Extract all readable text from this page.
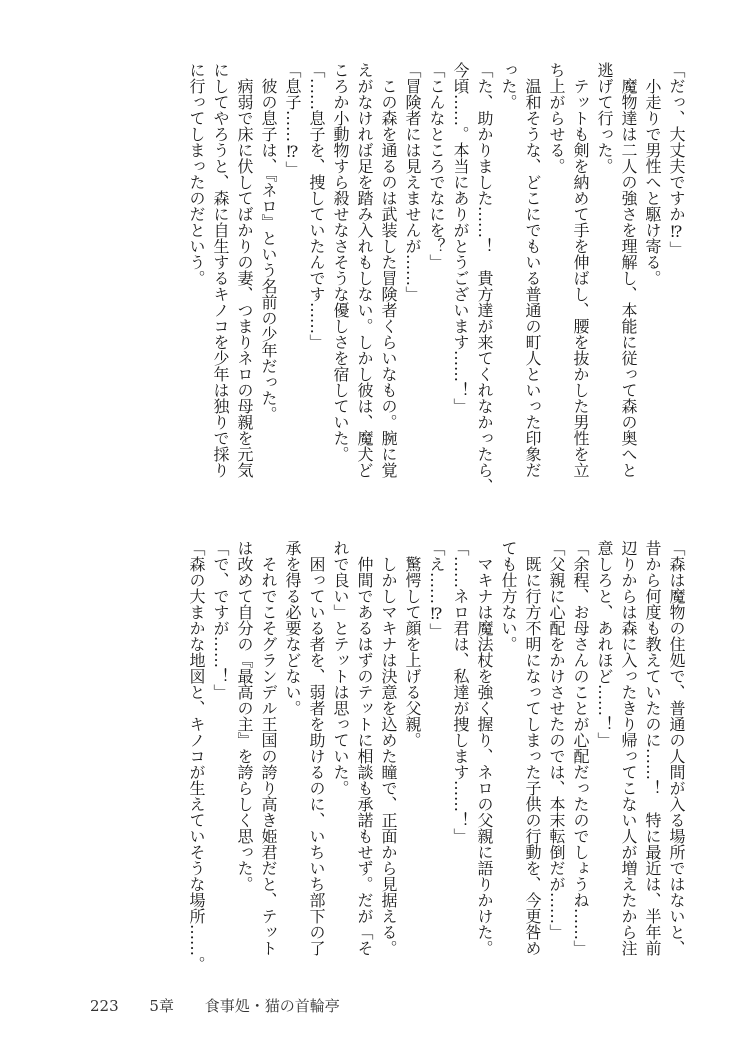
「だっ、大丈夫ですか⁉」
　小走りで男性へと駆け寄る。
　魔物達は二人の強さを理解し、本能に従って森の奥へと
逃げて行った。
　テットも剣を納めて手を伸ばし、腰を抜かした男性を立
ち上がらせる。
　温和そうな、どこにでもいる普通の町人といった印象だ
った。
「た、助かりました……！　貴方達が来てくれなかったら、
今頃……。本当にありがとうございます……！」
「こんなところでなにを？」
「冒険者には見えませんが……」
　この森を通るのは武装した冒険者くらいなもの。腕に覚
えがなければ足を踏み入れもしない。しかし彼は、魔犬ど
ころか小動物すら殺せなさそうな優しさを宿していた。
「……息子を、捜していたんです……」
「息子……⁉」
　彼の息子は、『ネロ』という名前の少年だった。
　病弱で床に伏してばかりの妻、つまりネロの母親を元気
にしてやろうと、森に自生するキノコを少年は独りで採り
に行ってしまったのだという。
「森は魔物の住処で、普通の人間が入る場所ではないと、
昔から何度も教えていたのに……！　特に最近は、半年前
辺りからは森に入ったきり帰ってこない人が増えたから注
意しろと、あれほど……！」
「余程、お母さんのことが心配だったのでしょうね……」
「父親に心配をかけさせたのでは、本末転倒だが……」
　既に行方不明になってしまった子供の行動を、今更咎め
ても仕方ない。
　マキナは魔法杖を強く握り、ネロの父親に語りかけた。
「……ネロ君は、私達が捜します……！」
「え……⁉」
　驚愕して顔を上げる父親。
　しかしマキナは決意を込めた瞳で、正面から見据える。
　仲間であるはずのテットに相談も承諾もせず。だが「そ
れで良い」とテットは思っていた。
　困っている者を、弱者を助けるのに、いちいち部下の了
承を得る必要などない。
　それでこそグランデル王国の誇り高き姫君だと、テット
は改めて自分の『最高の主』を誇らしく思った。
「で、ですが……！」
「森の大まかな地図と、キノコが生えていそうな場所……。
223 5章 食事処・猫の首輪亭
